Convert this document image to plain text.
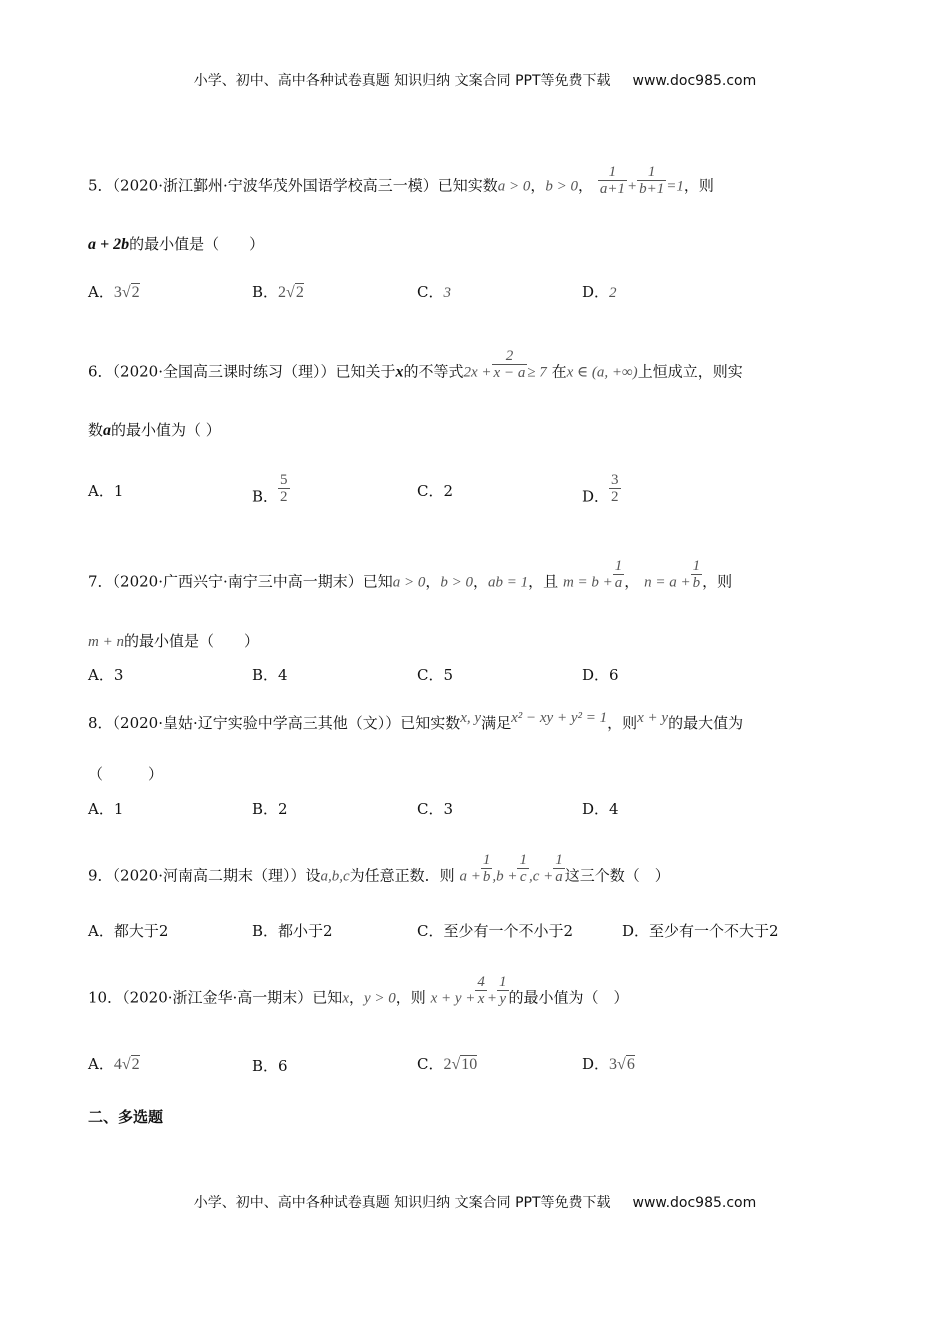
小学、初中、高中各种试卷真题 知识归纳 文案合同 PPT等免费下载 www.doc985.com
5．（2020·浙江鄞州·宁波华茂外国语学校高三一模）已知实数a > 0，b > 0， $\frac{1}{a+1} + \frac{1}{b+1} =1$，则
a + 2b的最小值是（　　）
A．3√2	B．2√2	C．3	D．2
6．（2020·全国高三课时练习（理））已知关于x的不等式$2x + \frac{2}{x - a} \ge 7$ 在x ∈ (a, +∞)上恒成立，则实
数a的最小值为（ ）
A．1	B． $\frac{5}{2}$	C．2	D． $\frac{3}{2}$
7．（2020·广西兴宁·南宁三中高一期末）已知a > 0，b > 0，ab = 1，且 $m = b + \frac{1}{a}$ ， $n = a + \frac{1}{b}$ ，则
m + n的最小值是（　　）
A．3	B．4	C．5	D．6
8．（2020·皇姑·辽宁实验中学高三其他（文））已知实数x, y满足x² − xy + y² = 1，则x + y的最大值为
（　　　）
A．1	B．2	C．3	D．4
9．（2020·河南高二期末（理））设a,b,c为任意正数．则 $a + \frac{1}{b} ,b + \frac{1}{c} ,c + \frac{1}{a}$ 这三个数（　）
A．都大于2	B．都小于2	C．至少有一个不小于2	D．至少有一个不大于2
10．（2020·浙江金华·高一期末）已知x，y > 0，则 $x + y + \frac{4}{x} + \frac{1}{y}$ 的最小值为（　）
A．4√2	B．6	C．2√10	D．3√6
二、多选题
小学、初中、高中各种试卷真题 知识归纳 文案合同 PPT等免费下载 www.doc985.com
